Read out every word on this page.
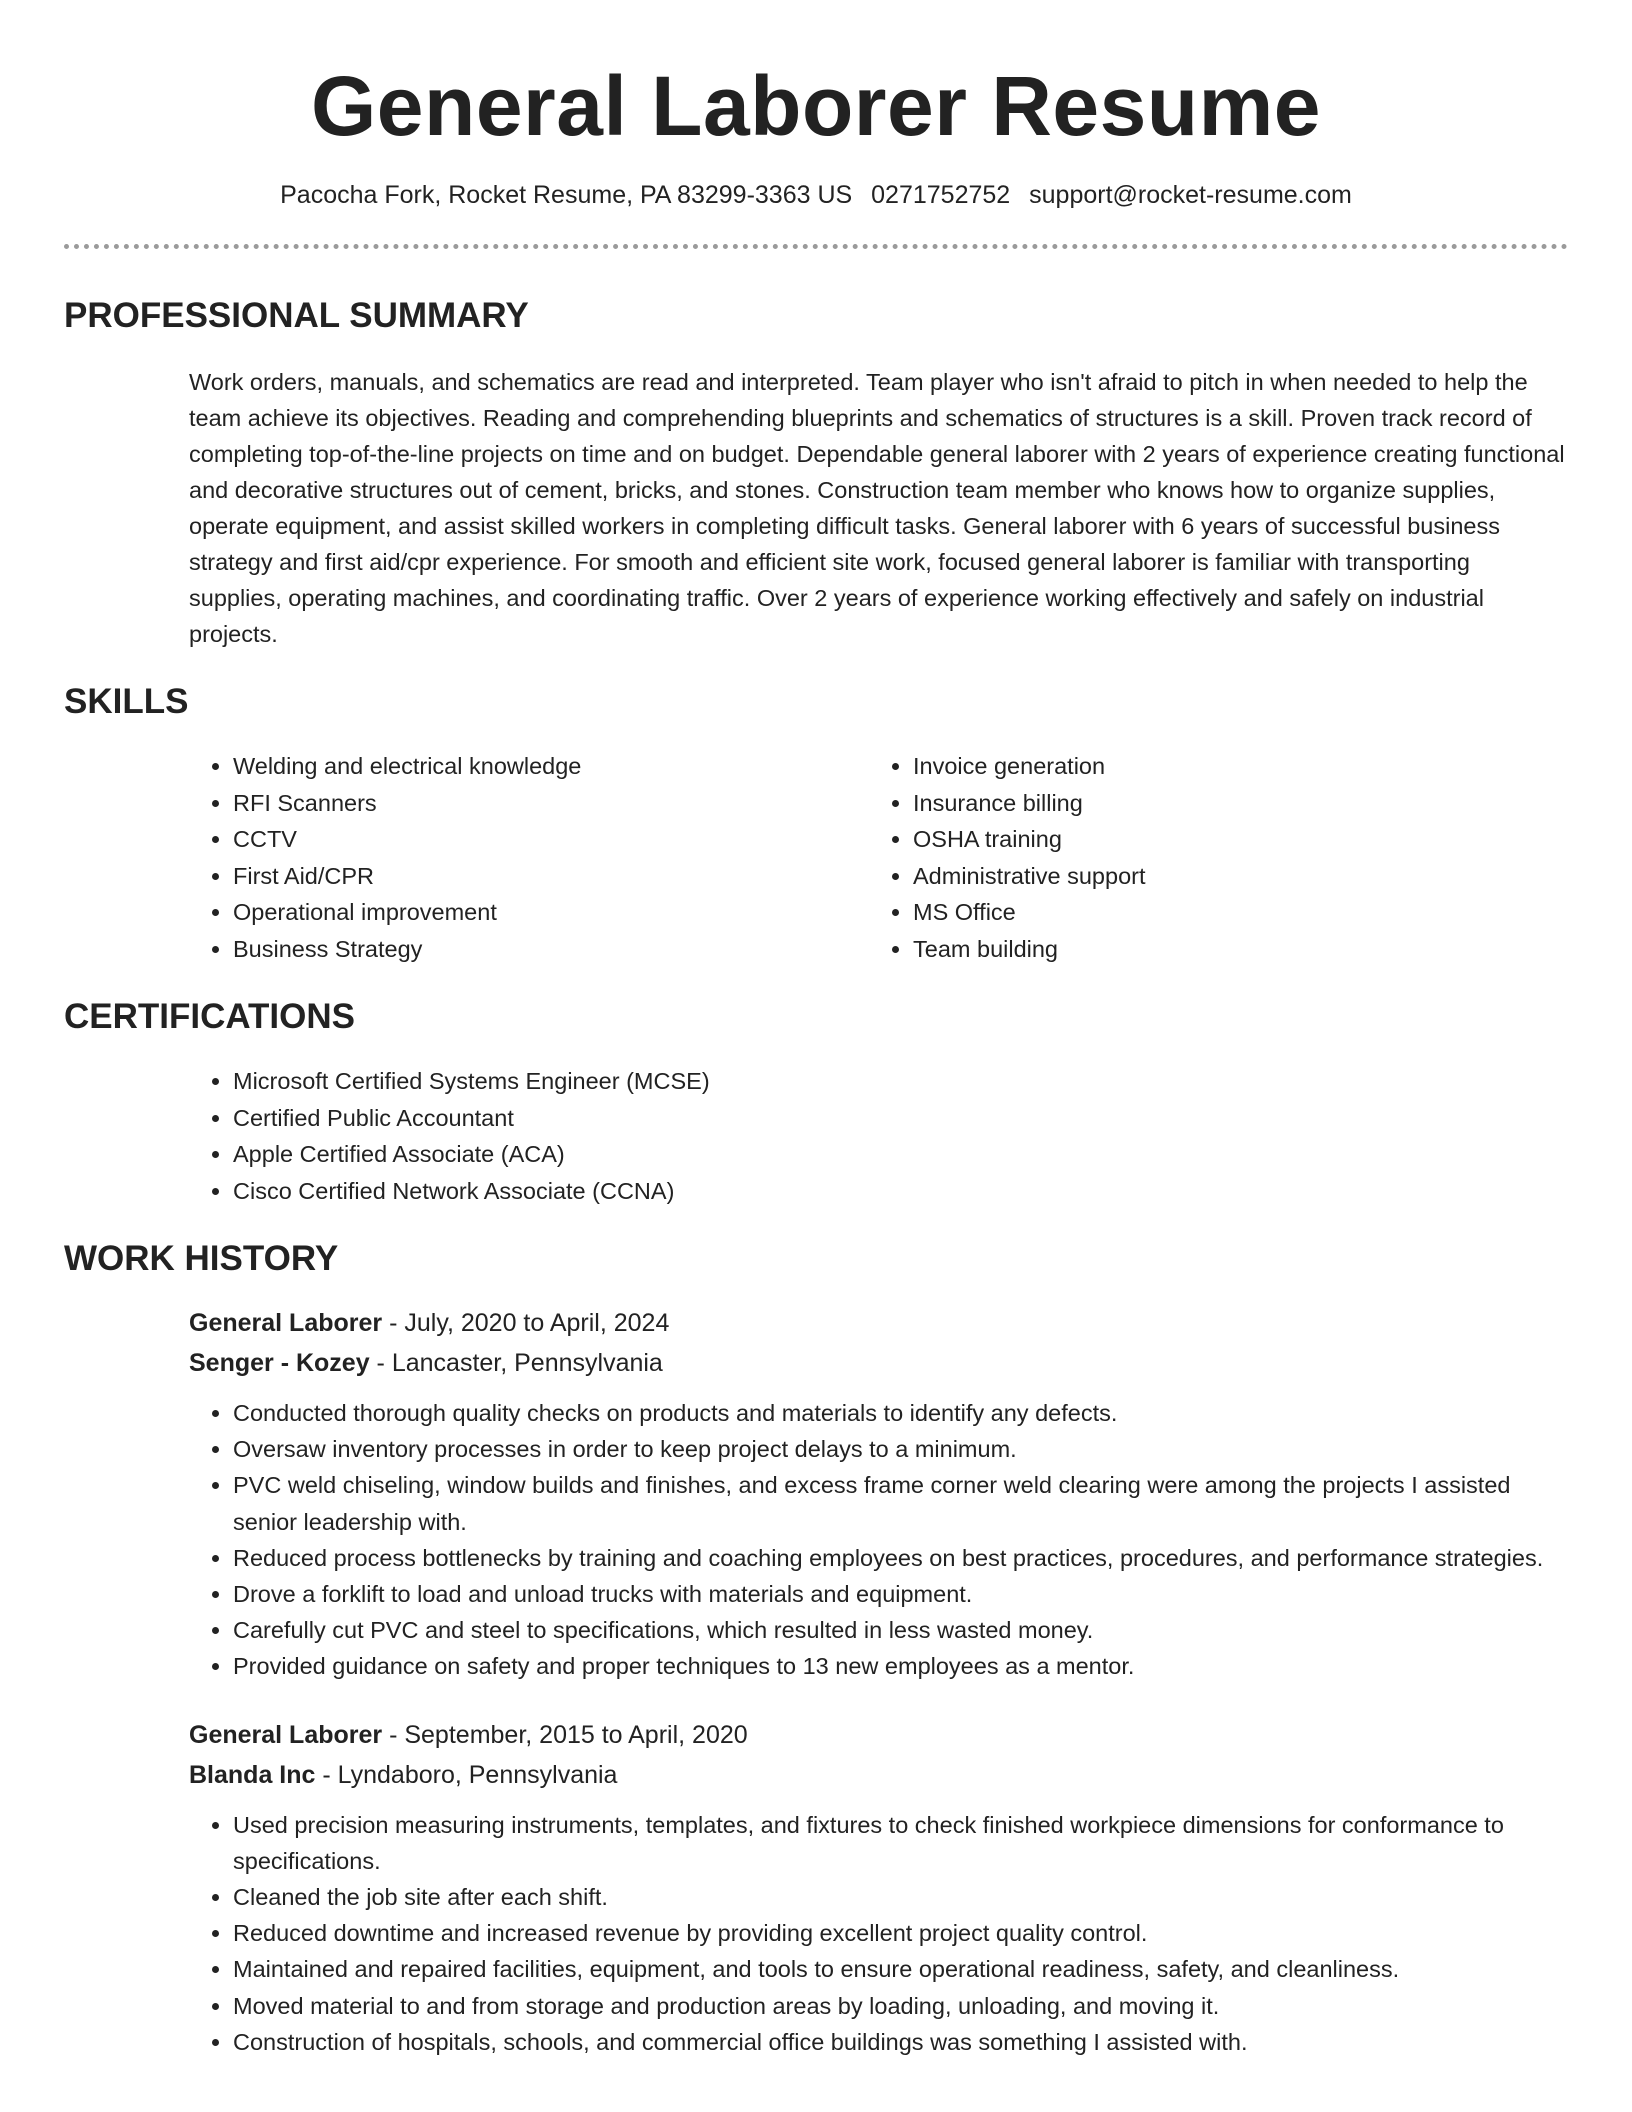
General Laborer Resume
Pacocha Fork, Rocket Resume, PA 83299-3363 US 0271752752 support@rocket-resume.com
PROFESSIONAL SUMMARY

Work orders, manuals, and schematics are read and interpreted. Team player who isn't afraid to pitch in when needed to help the team achieve its objectives. Reading and comprehending blueprints and schematics of structures is a skill. Proven track record of completing top-of-the-line projects on time and on budget. Dependable general laborer with 2 years of experience creating functional and decorative structures out of cement, bricks, and stones. Construction team member who knows how to organize supplies, operate equipment, and assist skilled workers in completing difficult tasks. General laborer with 6 years of successful business strategy and first aid/cpr experience. For smooth and efficient site work, focused general laborer is familiar with transporting supplies, operating machines, and coordinating traffic. Over 2 years of experience working effectively and safely on industrial projects.

SKILLS
• Welding and electrical knowledge
• RFI Scanners
• CCTV
• First Aid/CPR
• Operational improvement
• Business Strategy
• Invoice generation
• Insurance billing
• OSHA training
• Administrative support
• MS Office
• Team building
CERTIFICATIONS
• Microsoft Certified Systems Engineer (MCSE)
• Certified Public Accountant
• Apple Certified Associate (ACA)
• Cisco Certified Network Associate (CCNA)
WORK HISTORY
General Laborer - July, 2020 to April, 2024
Senger - Kozey - Lancaster, Pennsylvania
• Conducted thorough quality checks on products and materials to identify any defects.
• Oversaw inventory processes in order to keep project delays to a minimum.
• PVC weld chiseling, window builds and finishes, and excess frame corner weld clearing were among the projects I assisted senior leadership with.
• Reduced process bottlenecks by training and coaching employees on best practices, procedures, and performance strategies.
• Drove a forklift to load and unload trucks with materials and equipment.
• Carefully cut PVC and steel to specifications, which resulted in less wasted money.
• Provided guidance on safety and proper techniques to 13 new employees as a mentor.
General Laborer - September, 2015 to April, 2020
Blanda Inc - Lyndaboro, Pennsylvania
• Used precision measuring instruments, templates, and fixtures to check finished workpiece dimensions for conformance to specifications.
• Cleaned the job site after each shift.
• Reduced downtime and increased revenue by providing excellent project quality control.
• Maintained and repaired facilities, equipment, and tools to ensure operational readiness, safety, and cleanliness.
• Moved material to and from storage and production areas by loading, unloading, and moving it.
• Construction of hospitals, schools, and commercial office buildings was something I assisted with.
